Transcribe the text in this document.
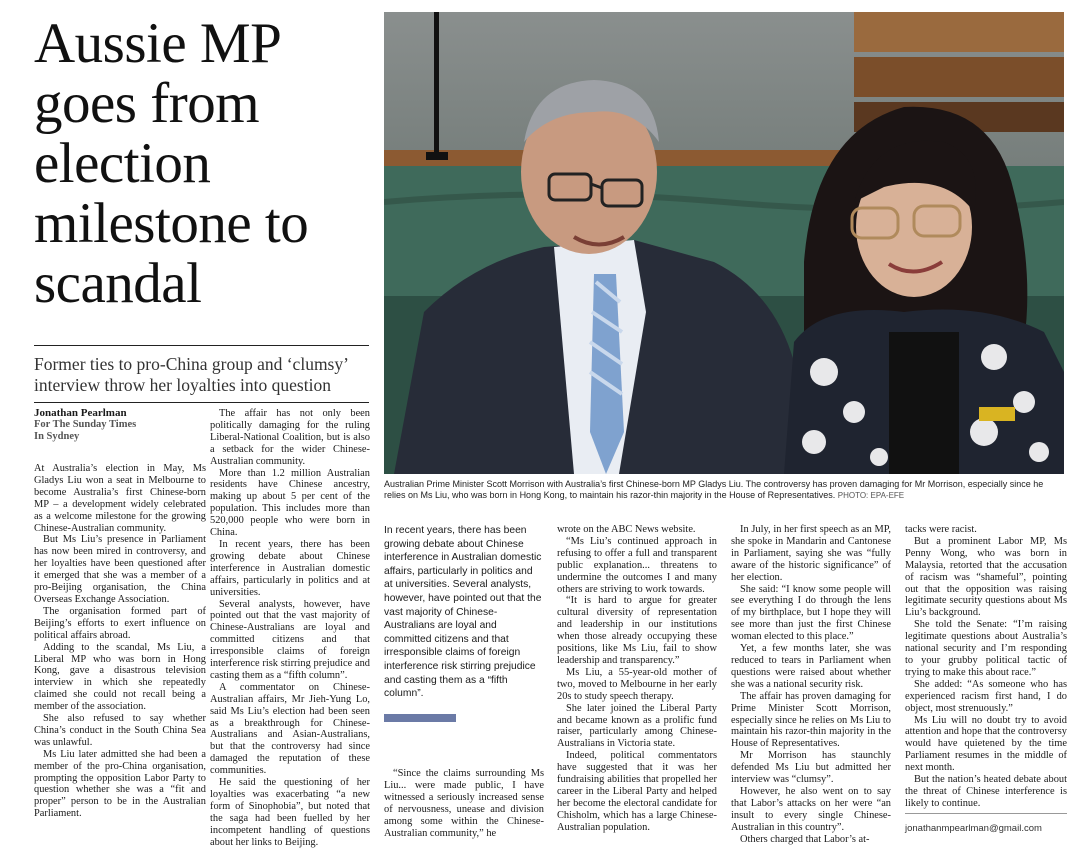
Aussie MP goes from election milestone to scandal
Former ties to pro-China group and ‘clumsy’ interview throw her loyalties into question
Jonathan Pearlman
For The Sunday Times
In Sydney
Australian Prime Minister Scott Morrison with Australia’s first Chinese-born MP Gladys Liu. The controversy has proven damaging for Mr Morrison, especially since he relies on Ms Liu, who was born in Hong Kong, to maintain his razor-thin majority in the House of Representatives. PHOTO: EPA-EFE

At Australia’s election in May, Ms Gladys Liu won a seat in Melbourne to become Australia’s first Chinese-born MP – a development widely celebrated as a welcome milestone for the growing Chinese-Australian community.

But Ms Liu’s presence in Parliament has now been mired in controversy, and her loyalties have been questioned after it emerged that she was a member of a pro-Beijing organisation, the China Overseas Exchange Association.

The organisation formed part of Beijing’s efforts to exert influence on political affairs abroad.

Adding to the scandal, Ms Liu, a Liberal MP who was born in Hong Kong, gave a disastrous television interview in which she repeatedly claimed she could not recall being a member of the association.

She also refused to say whether China’s conduct in the South China Sea was unlawful.

Ms Liu later admitted she had been a member of the pro-China organisation, prompting the opposition Labor Party to question whether she was a “fit and proper” person to be in the Australian Parliament.

The affair has not only been politically damaging for the ruling Liberal-National Coalition, but is also a setback for the wider Chinese-Australian community.

More than 1.2 million Australian residents have Chinese ancestry, making up about 5 per cent of the population. This includes more than 520,000 people who were born in China.

In recent years, there has been growing debate about Chinese interference in Australian domestic affairs, particularly in politics and at universities.

Several analysts, however, have pointed out that the vast majority of Chinese-Australians are loyal and committed citizens and that irresponsible claims of foreign interference risk stirring prejudice and casting them as a “fifth column”.

A commentator on Chinese-Australian affairs, Mr Jieh-Yung Lo, said Ms Liu’s election had been seen as a breakthrough for Chinese-Australians and Asian-Australians, but that the controversy had since damaged the reputation of these communities.

He said the questioning of her loyalties was exacerbating “a new form of Sinophobia”, but noted that the saga had been fuelled by her incompetent handling of questions about her links to Beijing.

In recent years, there has been growing debate about Chinese interference in Australian domestic affairs, particularly in politics and at universities. Several analysts, however, have pointed out that the vast majority of Chinese-Australians are loyal and committed citizens and that irresponsible claims of foreign interference risk stirring prejudice and casting them as a “fifth column”.

“Since the claims surrounding Ms Liu... were made public, I have witnessed a seriously increased sense of nervousness, unease and division among some within the Chinese-Australian community,” he

wrote on the ABC News website.

“Ms Liu’s continued approach in refusing to offer a full and transparent public explanation... threatens to undermine the outcomes I and many others are striving to work towards.

“It is hard to argue for greater cultural diversity of representation and leadership in our institutions when those already occupying these positions, like Ms Liu, fail to show leadership and transparency.”

Ms Liu, a 55-year-old mother of two, moved to Melbourne in her early 20s to study speech therapy.

She later joined the Liberal Party and became known as a prolific fund raiser, particularly among Chinese-Australians in Victoria state.

Indeed, political commentators have suggested that it was her fundraising abilities that propelled her career in the Liberal Party and helped her become the electoral candidate for Chisholm, which has a large Chinese-Australian population.

In July, in her first speech as an MP, she spoke in Mandarin and Cantonese in Parliament, saying she was “fully aware of the historic significance” of her election.

She said: “I know some people will see everything I do through the lens of my birthplace, but I hope they will see more than just the first Chinese woman elected to this place.”

Yet, a few months later, she was reduced to tears in Parliament when questions were raised about whether she was a national security risk.

The affair has proven damaging for Prime Minister Scott Morrison, especially since he relies on Ms Liu to maintain his razor-thin majority in the House of Representatives.

Mr Morrison has staunchly defended Ms Liu but admitted her interview was “clumsy”.

However, he also went on to say that Labor’s attacks on her were “an insult to every single Chinese-Australian in this country”.

Others charged that Labor’s at-

tacks were racist.

But a prominent Labor MP, Ms Penny Wong, who was born in Malaysia, retorted that the accusation of racism was “shameful”, pointing out that the opposition was raising legitimate security questions about Ms Liu’s background.

She told the Senate: “I’m raising legitimate questions about Australia’s national security and I’m responding to your grubby political tactic of trying to make this about race.”

She added: “As someone who has experienced racism first hand, I do object, most strenuously.”

Ms Liu will no doubt try to avoid attention and hope that the controversy would have quietened by the time Parliament resumes in the middle of next month.

But the nation’s heated debate about the threat of Chinese interference is likely to continue.

jonathanmpearlman@gmail.com
